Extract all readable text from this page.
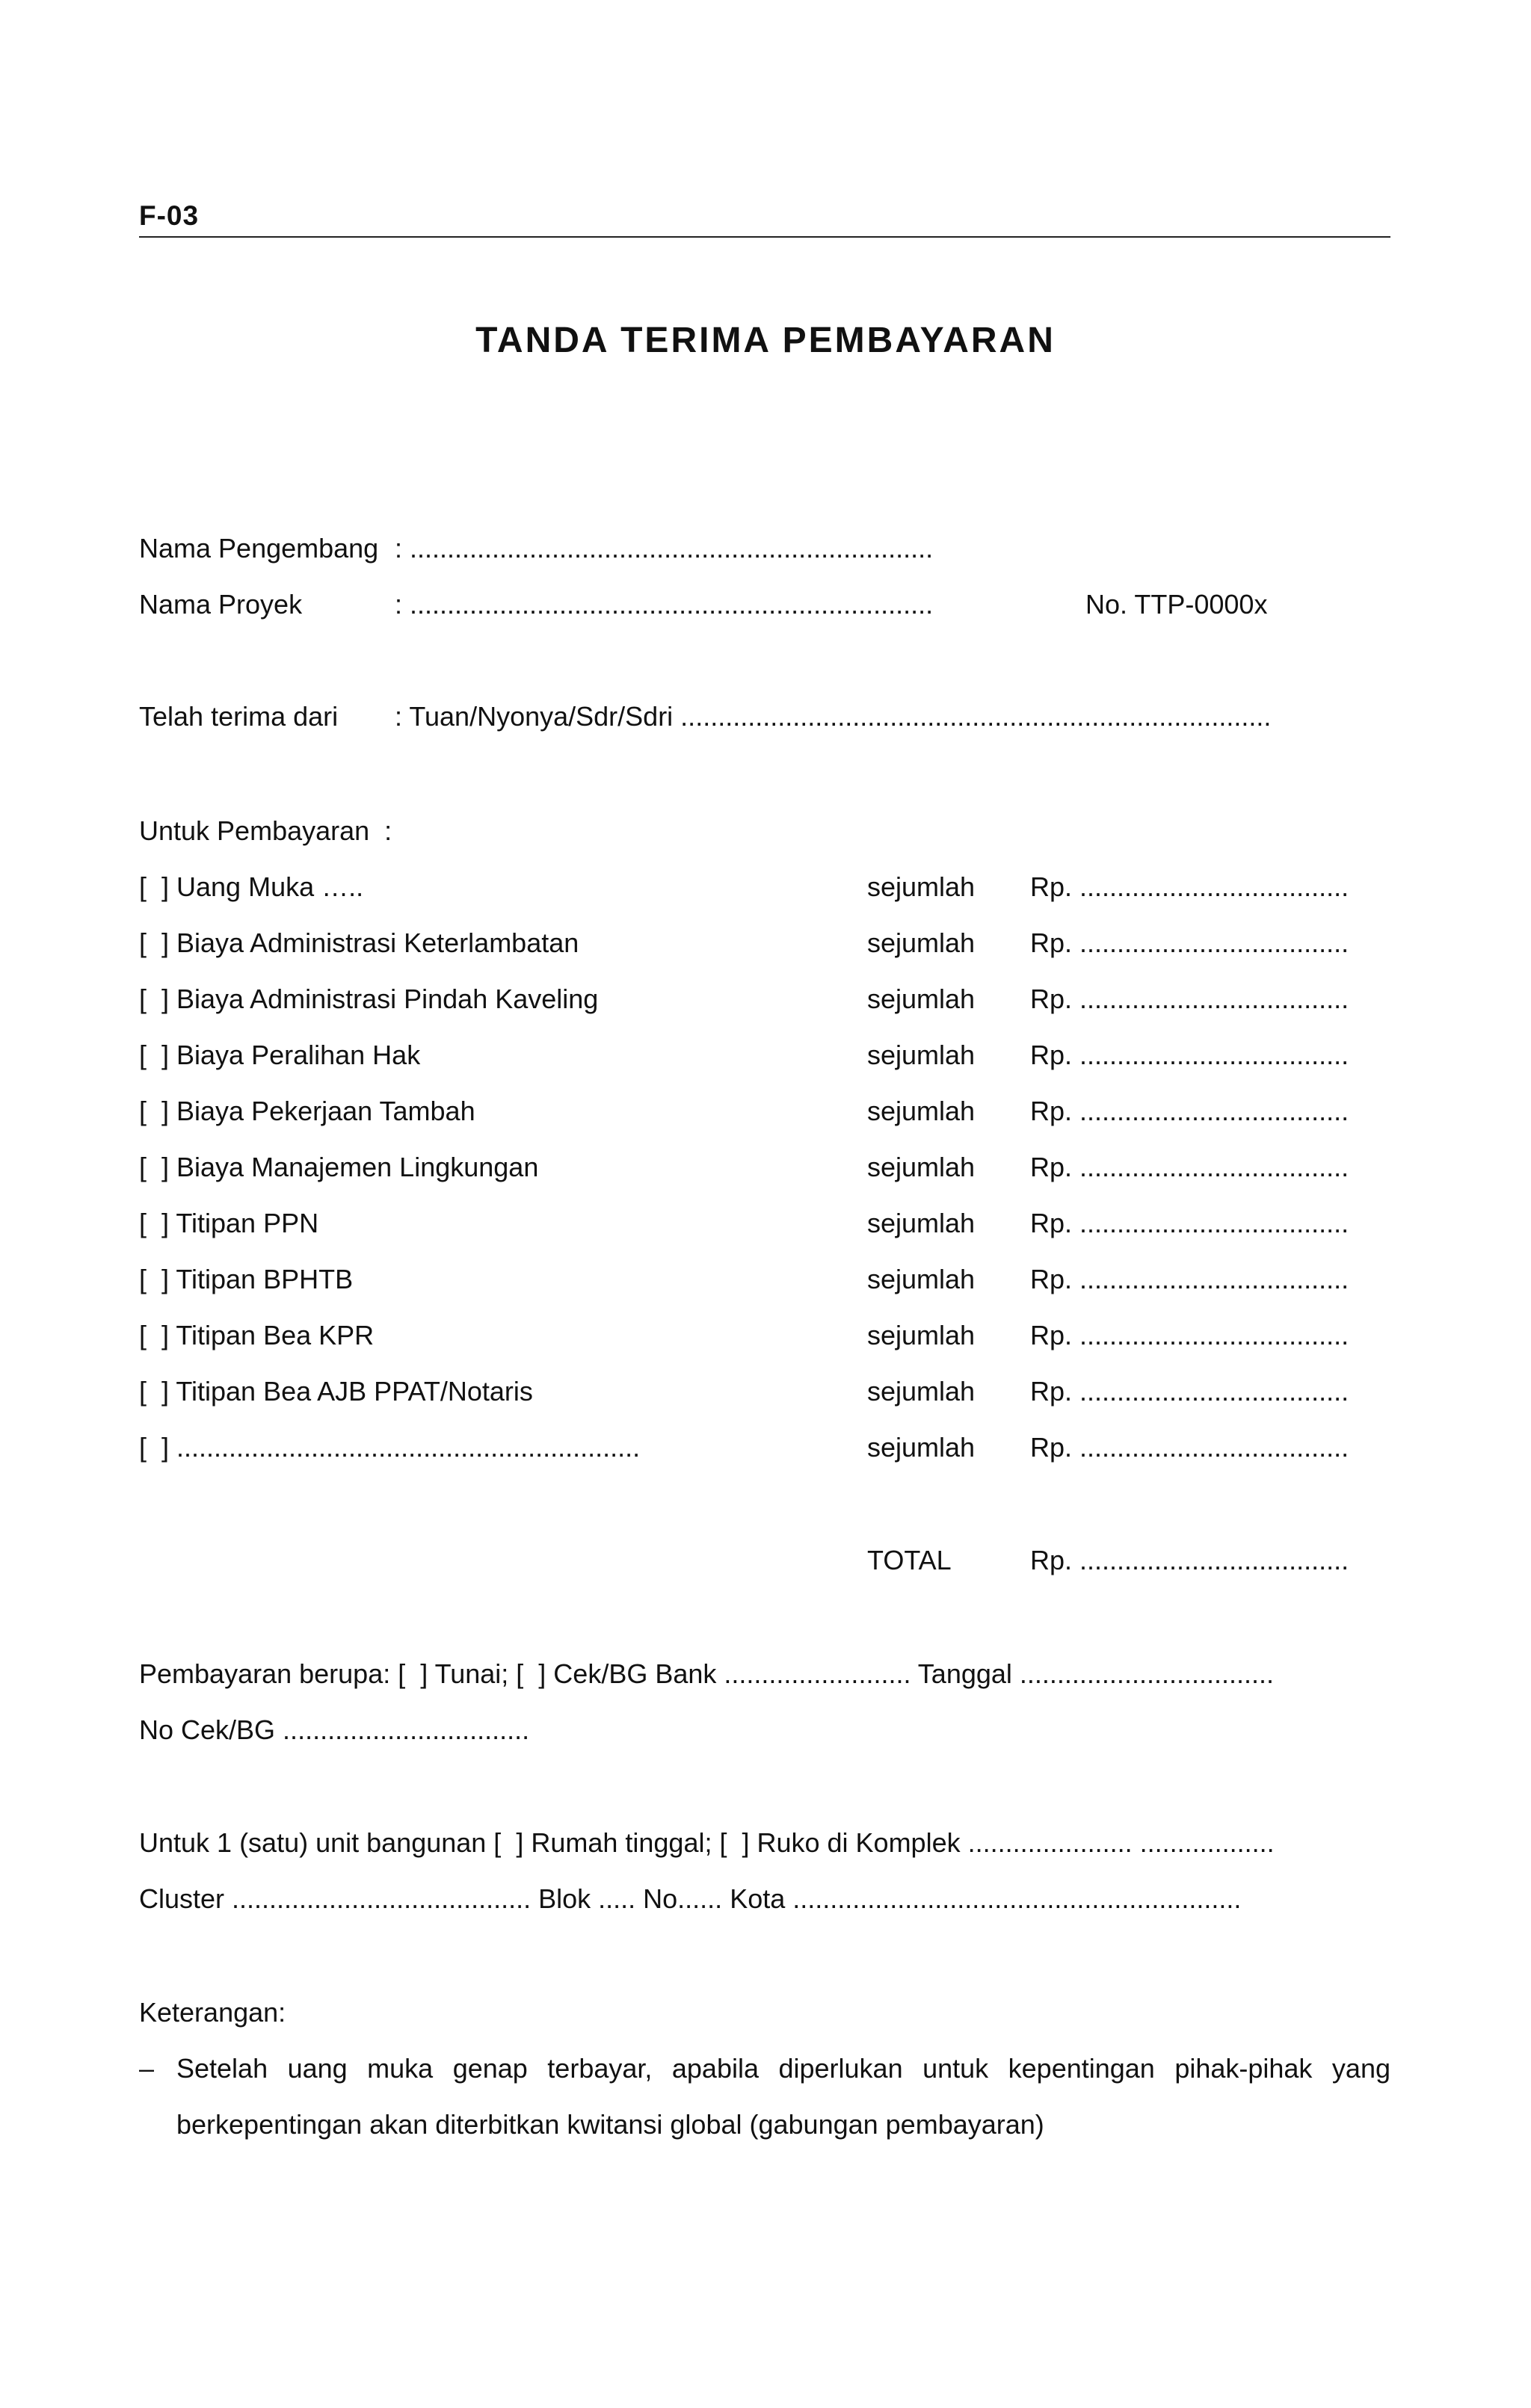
F-03
TANDA TERIMA PEMBAYARAN
Nama Pengembang : ......................................................................
Nama Proyek	: ......................................................................	No. TTP-0000x
Telah terima dari : Tuan/Nyonya/Sdr/Sdri ...............................................................................
Untuk Pembayaran  :
[  ] Uang Muka …..	sejumlah Rp. ....................................
[  ] Biaya Administrasi Keterlambatan	sejumlah Rp. ....................................
[  ] Biaya Administrasi Pindah Kaveling	sejumlah Rp. ....................................
[  ] Biaya Peralihan Hak	sejumlah Rp. ....................................
[  ] Biaya Pekerjaan Tambah	sejumlah Rp. ....................................
[  ] Biaya Manajemen Lingkungan	sejumlah Rp. ....................................
[  ] Titipan PPN	sejumlah Rp. ....................................
[  ] Titipan BPHTB	sejumlah Rp. ....................................
[  ] Titipan Bea KPR	sejumlah Rp. ....................................
[  ] Titipan Bea AJB PPAT/Notaris	sejumlah Rp. ....................................
[  ] ..............................................................	sejumlah Rp. ....................................
TOTAL	Rp. ....................................
Pembayaran berupa: [  ] Tunai; [  ] Cek/BG Bank ......................... Tanggal ..................................
No Cek/BG .................................
Untuk 1 (satu) unit bangunan [  ] Rumah tinggal; [  ] Ruko di Komplek ...................... ..................
Cluster ........................................ Blok ..... No...... Kota ............................................................
Keterangan:
– Setelah uang muka genap terbayar, apabila diperlukan untuk kepentingan pihak-pihak yang
berkepentingan akan diterbitkan kwitansi global (gabungan pembayaran)
